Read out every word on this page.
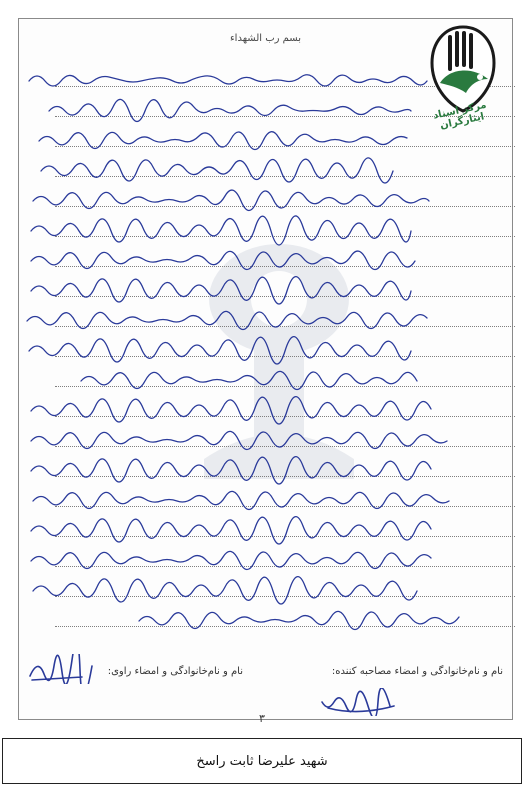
بسم رب الشهداء
مرکز اسناد ایثارگران
نام و نام‌خانوادگی و امضاء مصاحبه کننده:
نام و نام‌خانوادگی و امضاء راوی:
۳
شهید علیرضا ثابت راسخ
